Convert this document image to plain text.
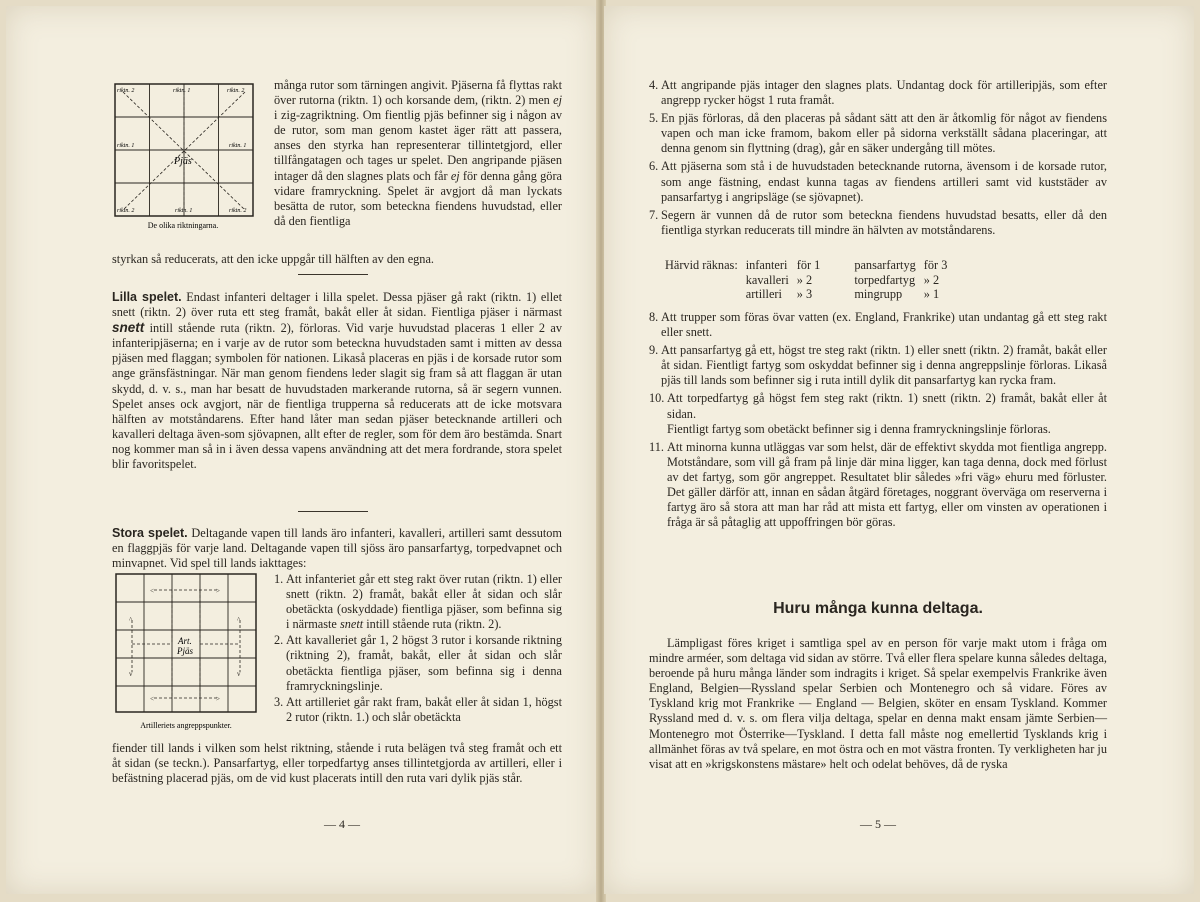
riktn. 2	riktn. 1	riktn. 2
riktn. 1	riktn. 1
Pjäs
riktn. 2	riktn. 1	riktn. 2
De olika riktningarna.

många rutor som tärningen angivit. Pjäserna få flyttas rakt över rutorna (riktn. 1) och korsande dem, (riktn. 2) men ej i zig-zagriktning. Om fientlig pjäs befinner sig i någon av de rutor, som man genom kastet äger rätt att passera, anses den styrka han representerar tillintetgjord, eller tillfångatagen och tages ur spelet. Den angripande pjäsen intager då den slagnes plats och får ej för denna gång göra vidare framryckning. Spelet är avgjort då man lyckats besätta de rutor, som beteckna fiendens huvudstad, eller då den fientliga

styrkan så reducerats, att den icke uppgår till hälften av den egna.

Lilla spelet. Endast infanteri deltager i lilla spelet. Dessa pjäser gå rakt (riktn. 1) ellet snett (riktn. 2) över ruta ett steg framåt, bakåt eller åt sidan. Fientliga pjäser i närmast snett intill stående ruta (riktn. 2), förloras. Vid varje huvudstad placeras 1 eller 2 av infanteripjäserna; en i varje av de rutor som beteckna huvudstaden samt i mitten av dessa pjäsen med flaggan; symbolen för nationen. Likaså placeras en pjäs i de korsade rutor som ange gränsfästningar. När man genom fiendens leder slagit sig fram så att flaggan är utan skydd, d. v. s., man har besatt de huvudstaden markerande rutorna, så är segern vunnen. Spelet anses ock avgjort, när de fientliga trupperna så reducerats att de icke motsvara hälften av motståndarens. Efter hand låter man sedan pjäser betecknande artilleri och kavalleri deltaga även-som sjövapnen, allt efter de regler, som för dem äro bestämda. Snart nog kommer man så in i även dessa vapens användning att det mera fordrande, stora spelet blir favoritspelet.

Stora spelet. Deltagande vapen till lands äro infanteri, kavalleri, artilleri samt dessutom en flaggpjäs för varje land. Deltagande vapen till sjöss äro pansarfartyg, torpedvapnet och minvapnet. Vid spel till lands iakttages:

<	>
<	>
^	^
v	v
Art.
Pjäs
Artilleriets angreppspunkter.
1. Att infanteriet går ett steg rakt över rutan (riktn. 1) eller snett (riktn. 2) framåt, bakåt eller åt sidan och slår obetäckta (oskyddade) fientliga pjäser, som befinna sig i närmaste snett intill stående ruta (riktn. 2).
2. Att kavalleriet går 1, 2 högst 3 rutor i korsande riktning (riktning 2), framåt, bakåt, eller åt sidan och slår obetäckta fientliga pjäser, som befinna sig i denna framryckningslinje.
3. Att artilleriet går rakt fram, bakåt eller åt sidan 1, högst 2 rutor (riktn. 1.) och slår obetäckta

fiender till lands i vilken som helst riktning, stående i ruta belägen två steg framåt och ett åt sidan (se teckn.). Pansarfartyg, eller torpedfartyg anses tillintetgjorda av artilleri, eller i befästning placerad pjäs, om de vid kust placerats intill den ruta vari dylik pjäs står.

— 4 —
4. Att angripande pjäs intager den slagnes plats. Undantag dock för artilleripjäs, som efter angrepp rycker högst 1 ruta framåt.
5. En pjäs förloras, då den placeras på sådant sätt att den är åtkomlig för något av fiendens vapen och man icke framom, bakom eller på sidorna verkställt sådana placeringar, att denna genom sin flyttning (drag), går en säker undergång till mötes.
6. Att pjäserna som stå i de huvudstaden betecknande rutorna, ävensom i de korsade rutor, som ange fästning, endast kunna tagas av fiendens artilleri samt vid kuststäder av pansarfartyg i angripsläge (se sjövapnet).
7. Segern är vunnen då de rutor som beteckna fiendens huvudstad besatts, eller då den fientliga styrkan reducerats till mindre än hälvten av motståndarens.
Härvid räknas:	infanteri	för 1	pansarfartyg	för 3
	kavalleri	» 2	torpedfartyg	» 2
	artilleri	» 3	mingrupp	» 1
8. Att trupper som föras övar vatten (ex. England, Frankrike) utan undantag gå ett steg rakt eller snett.
9. Att pansarfartyg gå ett, högst tre steg rakt (riktn. 1) eller snett (riktn. 2) framåt, bakåt eller åt sidan. Fientligt fartyg som oskyddat befinner sig i denna angreppslinje förloras. Likaså pjäs till lands som befinner sig i ruta intill dylik dit pansarfartyg kan rycka fram.
10. Att torpedfartyg gå högst fem steg rakt (riktn. 1) snett (riktn. 2) framåt, bakåt eller åt sidan.
Fientligt fartyg som obetäckt befinner sig i denna framryckningslinje förloras.
11. Att minorna kunna utläggas var som helst, där de effektivt skydda mot fientliga angrepp. Motståndare, som vill gå fram på linje där mina ligger, kan taga denna, dock med förlust av det fartyg, som gör angreppet. Resultatet blir således »fri väg» ehuru med förluster. Det gäller därför att, innan en sådan åtgärd företages, noggrant överväga om reserverna i fartyg äro så stora att man har råd att mista ett fartyg, eller om vinsten av operationen i fråga är så påtaglig att uppoffringen bör göras.
Huru många kunna deltaga.

Lämpligast föres kriget i samtliga spel av en person för varje makt utom i fråga om mindre arméer, som deltaga vid sidan av större. Två eller flera spelare kunna således deltaga, beroende på huru många länder som indragits i kriget. Så spelar exempelvis Frankrike även England, Belgien—Ryssland spelar Serbien och Montenegro och så vidare. Föres av Tyskland krig mot Frankrike — England — Belgien, sköter en ensam Tyskland. Kommer Ryssland med d. v. s. om flera vilja deltaga, spelar en denna makt ensam jämte Serbien—Montenegro mot Österrike—Tyskland. I detta fall måste nog emellertid Tysklands krig i allmänhet föras av två spelare, en mot östra och en mot västra fronten. Ty verkligheten har ju visat att en »krigskonstens mästare» helt och odelat behöves, då de ryska

— 5 —
